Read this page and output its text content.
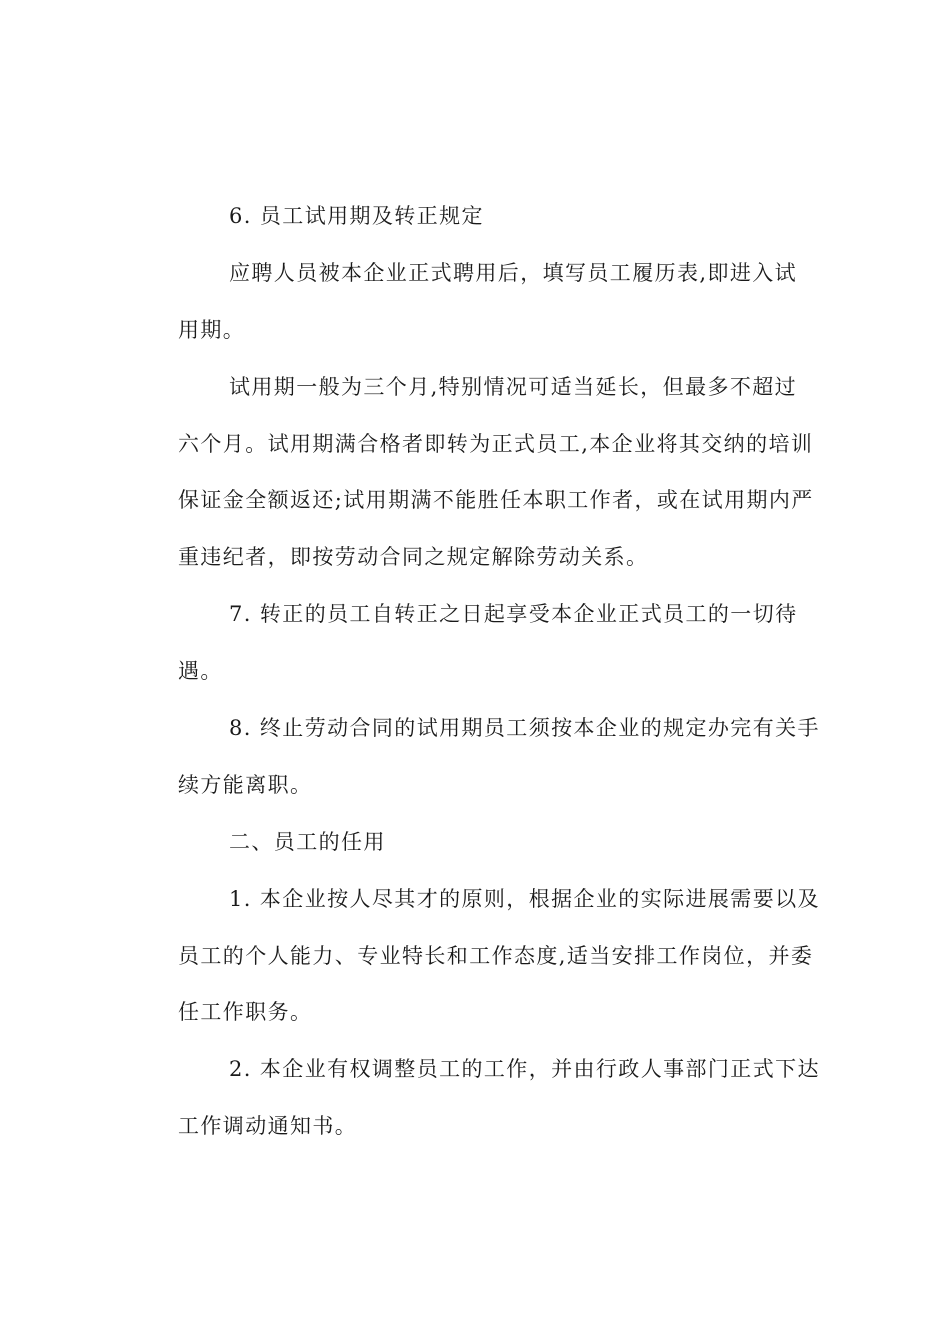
6. 员工试用期及转正规定
应聘人员被本企业正式聘用后，填写员工履历表,即进入试
用期。
试用期一般为三个月,特别情况可适当延长，但最多不超过
六个月。试用期满合格者即转为正式员工,本企业将其交纳的培训
保证金全额返还;试用期满不能胜任本职工作者，或在试用期内严
重违纪者，即按劳动合同之规定解除劳动关系。
7. 转正的员工自转正之日起享受本企业正式员工的一切待
遇。
8. 终止劳动合同的试用期员工须按本企业的规定办完有关手
续方能离职。
二、员工的任用
1. 本企业按人尽其才的原则，根据企业的实际进展需要以及
员工的个人能力、专业特长和工作态度,适当安排工作岗位，并委
任工作职务。
2. 本企业有权调整员工的工作，并由行政人事部门正式下达
工作调动通知书。
